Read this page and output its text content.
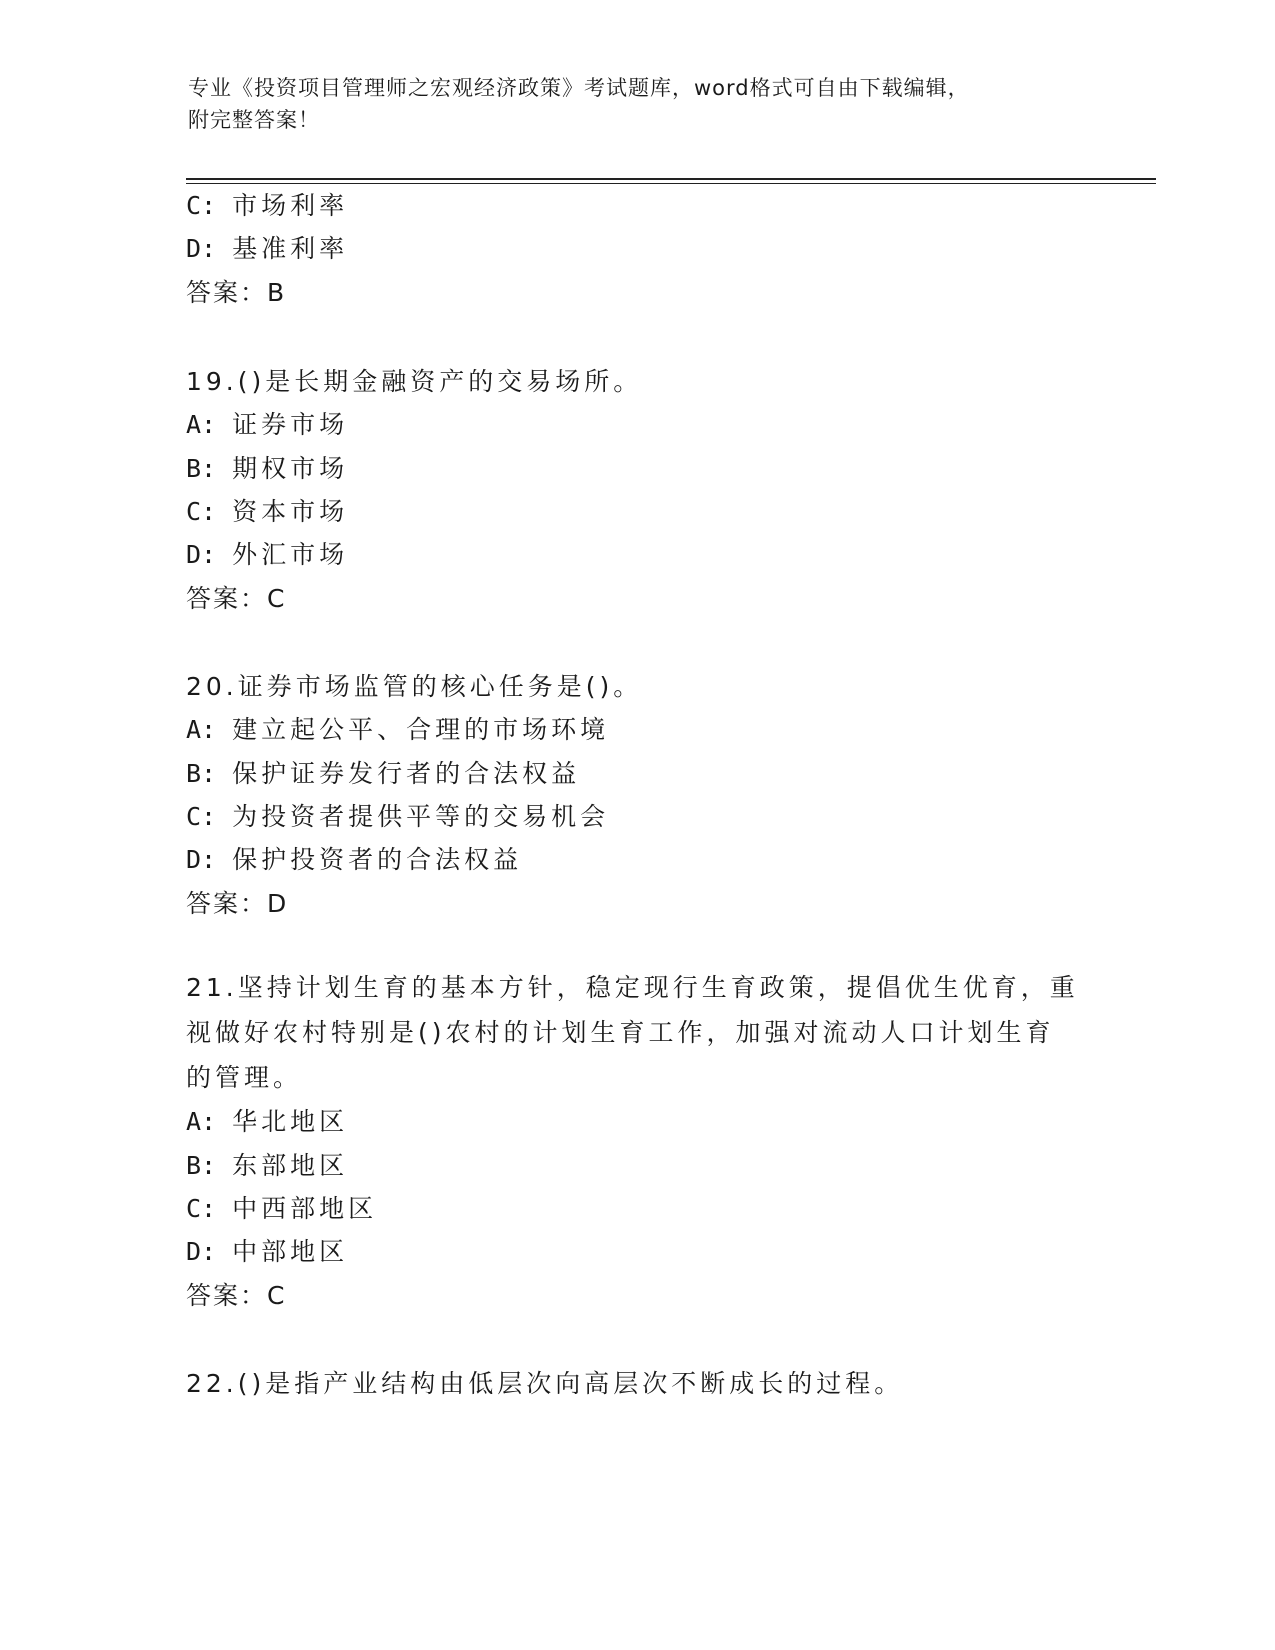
专业《投资项目管理师之宏观经济政策》考试题库，word格式可自由下载编辑，
附完整答案！
C: 市场利率
D: 基准利率
答案：B
19.()是长期金融资产的交易场所。
A: 证券市场
B: 期权市场
C: 资本市场
D: 外汇市场
答案：C
20.证券市场监管的核心任务是()。
A: 建立起公平、合理的市场环境
B: 保护证券发行者的合法权益
C: 为投资者提供平等的交易机会
D: 保护投资者的合法权益
答案：D
21.坚持计划生育的基本方针，稳定现行生育政策，提倡优生优育，重
视做好农村特别是()农村的计划生育工作，加强对流动人口计划生育
的管理。
A: 华北地区
B: 东部地区
C: 中西部地区
D: 中部地区
答案：C
22.()是指产业结构由低层次向高层次不断成长的过程。
